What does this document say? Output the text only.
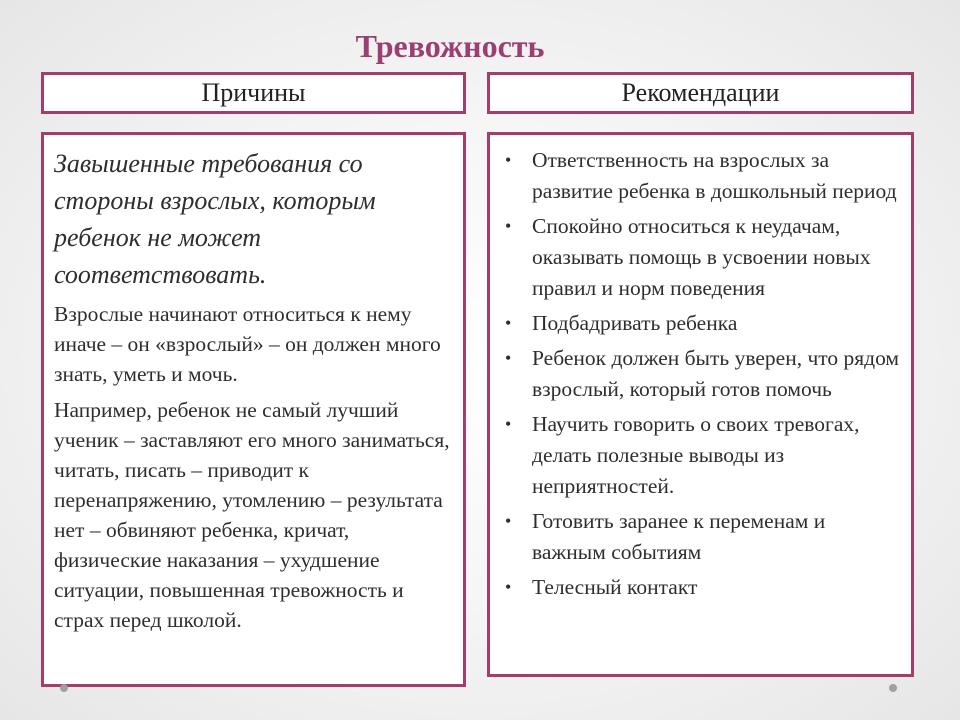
Тревожность
Причины	Рекомендации

Завышенные требования со стороны взрослых, которым ребенок не может соответствовать.

Взрослые начинают относиться к нему иначе – он «взрослый» – он должен много знать, уметь и мочь.

Например, ребенок не самый лучший ученик – заставляют его много заниматься, читать, писать – приводит к перенапряжению, утомлению – результата нет – обвиняют ребенка, кричат, физические наказания – ухудшение ситуации, повышенная тревожность и страх перед школой.

• Ответственность на взрослых за развитие ребенка в дошкольный период
• Спокойно относиться к неудачам, оказывать помощь в усвоении новых правил и норм поведения
• Подбадривать ребенка
• Ребенок должен быть уверен, что рядом взрослый, который готов помочь
• Научить говорить о своих тревогах, делать полезные выводы из неприятностей.
• Готовить заранее к переменам и важным событиям
• Телесный контакт
